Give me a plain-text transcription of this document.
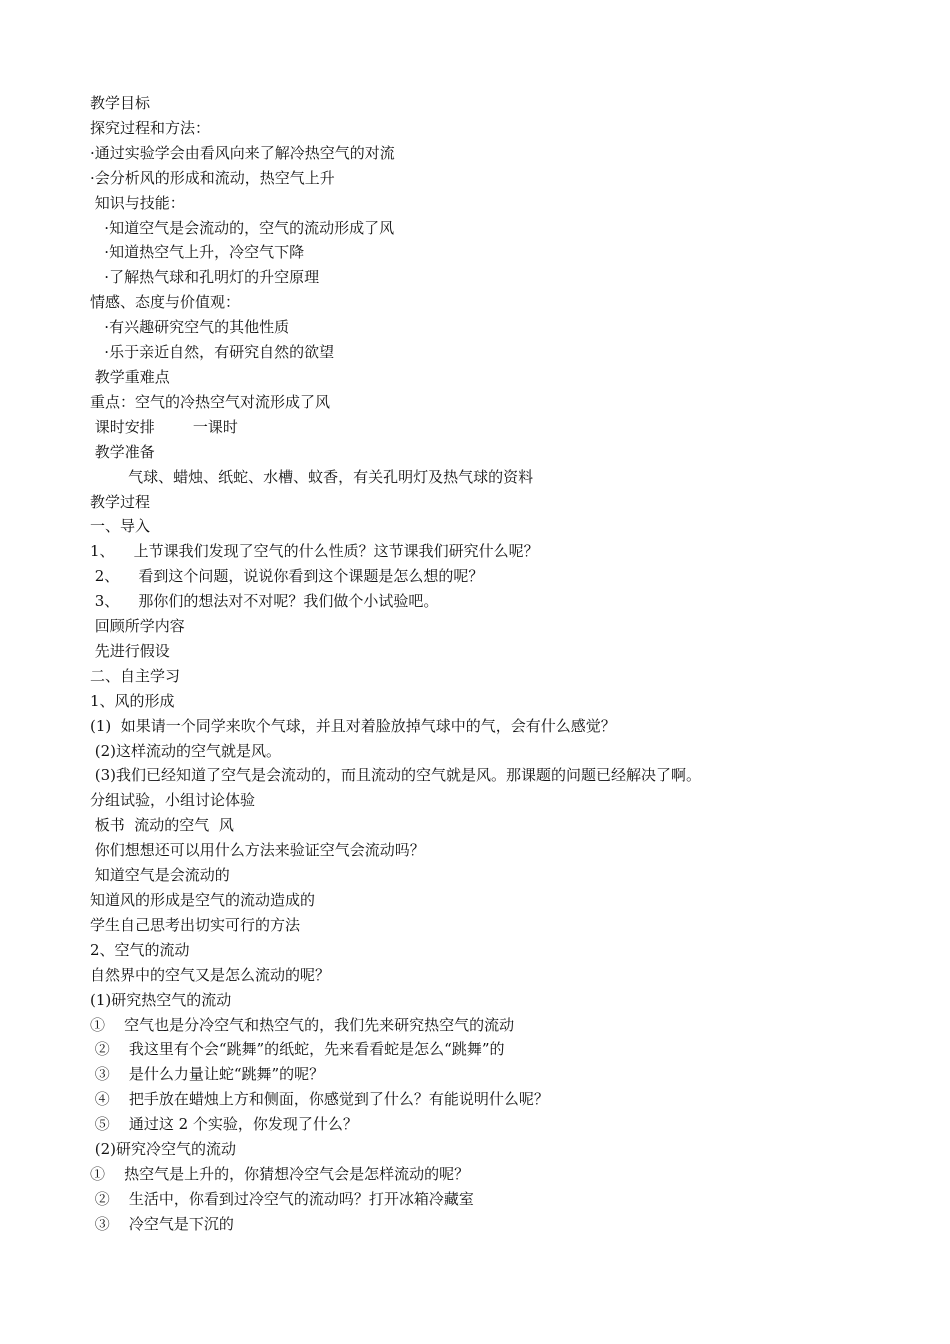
教学目标
探究过程和方法：
·通过实验学会由看风向来了解冷热空气的对流
·会分析风的形成和流动，热空气上升
知识与技能：
·知道空气是会流动的，空气的流动形成了风
·知道热空气上升，冷空气下降
·了解热气球和孔明灯的升空原理
情感、态度与价值观：
·有兴趣研究空气的其他性质
·乐于亲近自然，有研究自然的欲望
教学重难点
重点：空气的冷热空气对流形成了风
课时安排        一课时
教学准备
气球、蜡烛、纸蛇、水槽、蚊香，有关孔明灯及热气球的资料
教学过程
一、导入
1、    上节课我们发现了空气的什么性质？这节课我们研究什么呢？
2、    看到这个问题，说说你看到这个课题是怎么想的呢？
3、    那你们的想法对不对呢？我们做个小试验吧。
回顾所学内容
先进行假设
二、自主学习
1、风的形成
(1)  如果请一个同学来吹个气球，并且对着脸放掉气球中的气，会有什么感觉？
(2)这样流动的空气就是风。
(3)我们已经知道了空气是会流动的，而且流动的空气就是风。那课题的问题已经解决了啊。
分组试验，小组讨论体验
板书  流动的空气  风
你们想想还可以用什么方法来验证空气会流动吗？
知道空气是会流动的
知道风的形成是空气的流动造成的
学生自己思考出切实可行的方法
2、空气的流动
自然界中的空气又是怎么流动的呢？
(1)研究热空气的流动
①    空气也是分冷空气和热空气的，我们先来研究热空气的流动
②    我这里有个会“跳舞”的纸蛇，先来看看蛇是怎么“跳舞”的
③    是什么力量让蛇“跳舞”的呢？
④    把手放在蜡烛上方和侧面，你感觉到了什么？有能说明什么呢？
⑤    通过这 2 个实验，你发现了什么？
(2)研究冷空气的流动
①    热空气是上升的，你猜想冷空气会是怎样流动的呢？
②    生活中，你看到过冷空气的流动吗？打开冰箱冷藏室
③    冷空气是下沉的
